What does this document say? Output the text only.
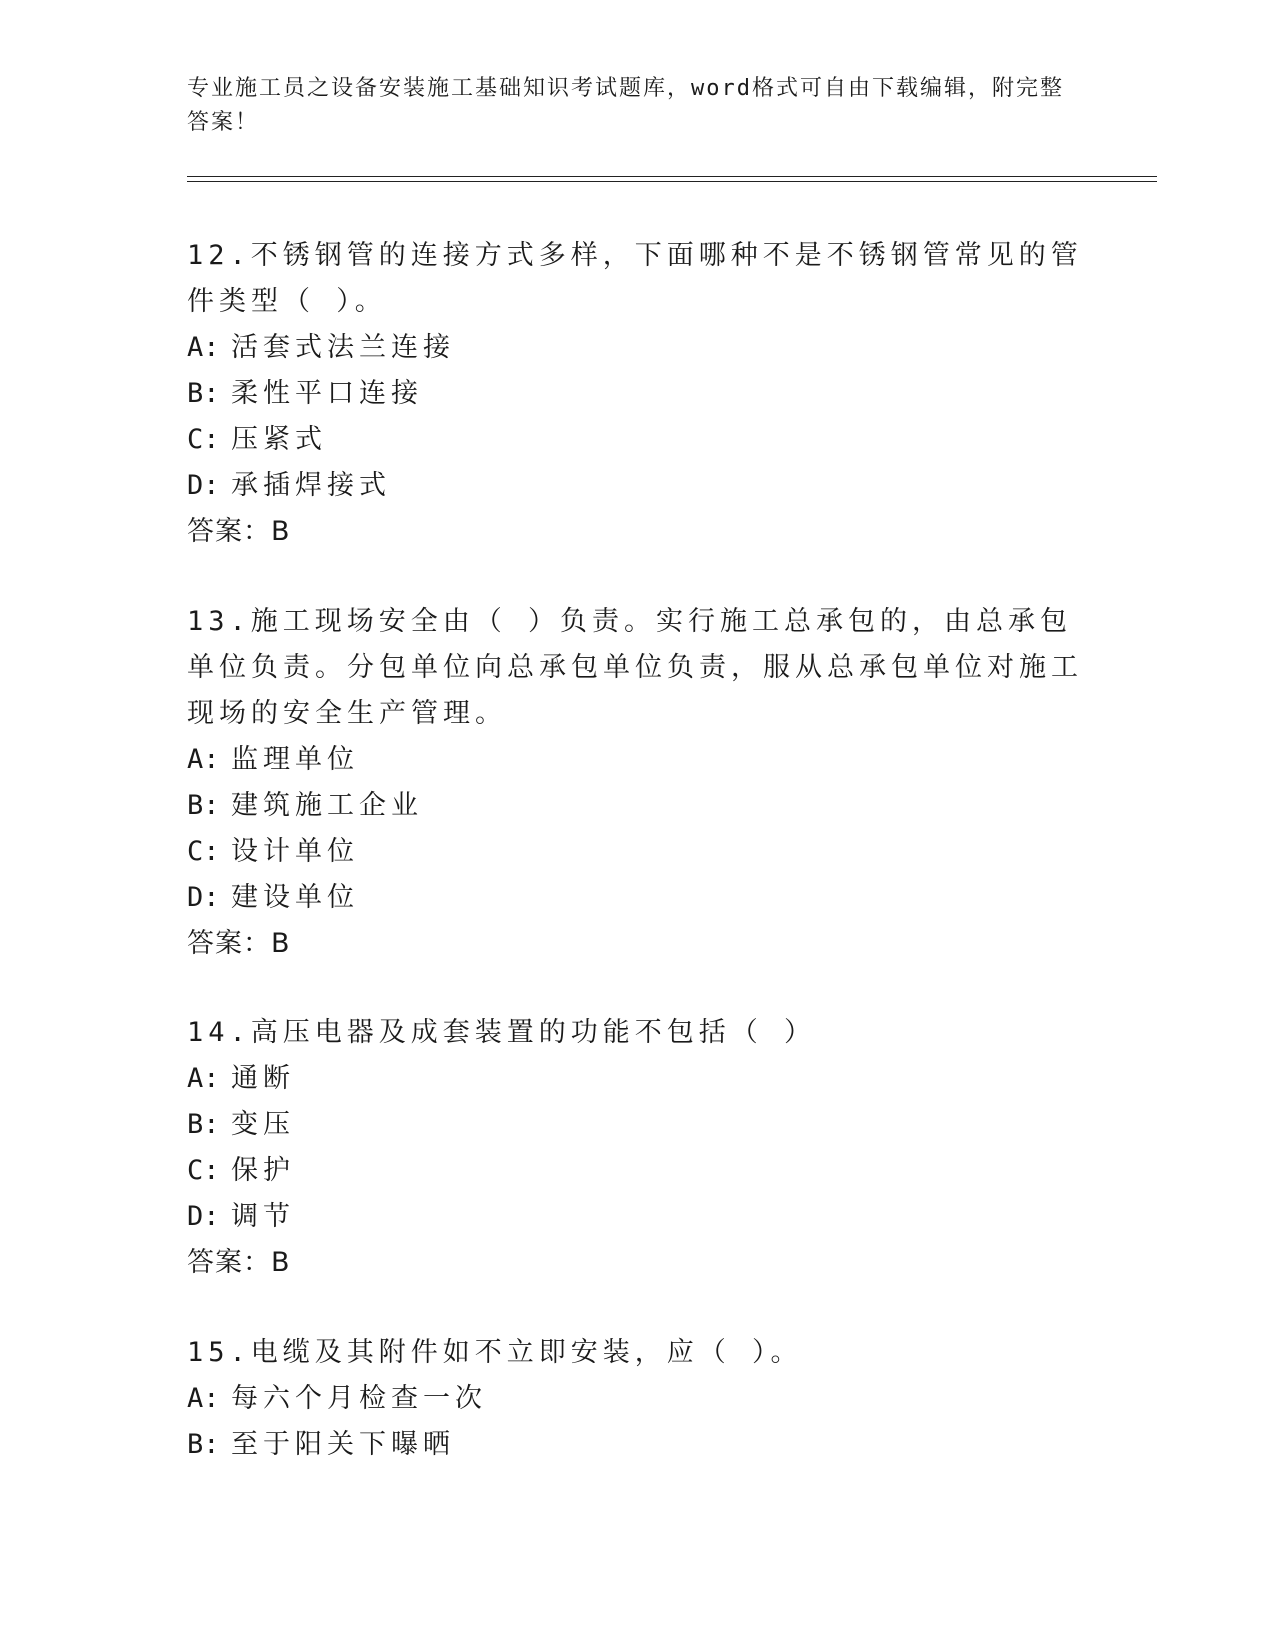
专业施工员之设备安装施工基础知识考试题库，word格式可自由下载编辑，附完整答案！

12.不锈钢管的连接方式多样，下面哪种不是不锈钢管常见的管件类型（ ）。

A: 活套式法兰连接

B: 柔性平口连接

C: 压紧式

D: 承插焊接式

答案：B

13.施工现场安全由（ ）负责。实行施工总承包的，由总承包单位负责。分包单位向总承包单位负责，服从总承包单位对施工现场的安全生产管理。

A: 监理单位

B: 建筑施工企业

C: 设计单位

D: 建设单位

答案：B

14.高压电器及成套装置的功能不包括（ ）

A: 通断

B: 变压

C: 保护

D: 调节

答案：B

15.电缆及其附件如不立即安装，应（ ）。

A: 每六个月检查一次

B: 至于阳关下曝晒
